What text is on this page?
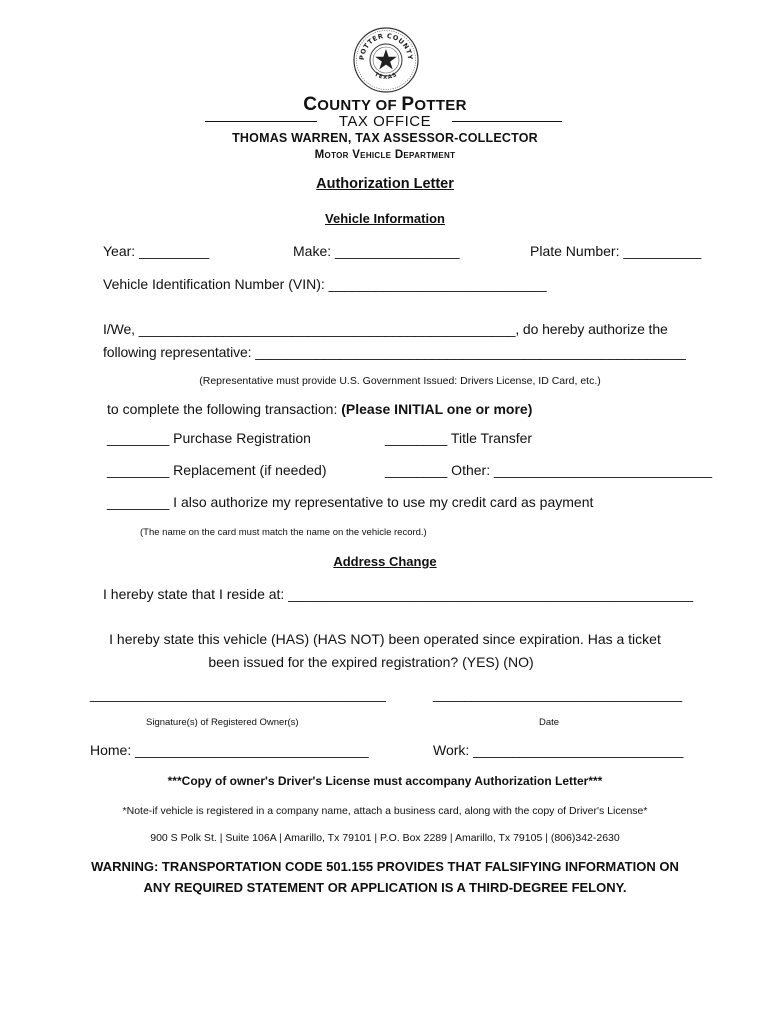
POTTER COUNTY
TEXAS
COUNTY OF POTTER
TAX OFFICE
THOMAS WARREN, TAX ASSESSOR-COLLECTOR
Motor Vehicle Department
Authorization Letter
Vehicle Information
Year: _________	Make: ________________	Plate Number: __________
Vehicle Identification Number (VIN): ____________________________
I/We, _________________________________________________, do hereby authorize the
following representative: ________________________________________________________
(Representative must provide U.S. Government Issued: Drivers License, ID Card, etc.)
to complete the following transaction: (Please INITIAL one or more)
________ Purchase Registration	________ Title Transfer
________ Replacement (if needed)	________ Other: ____________________________
________ I also authorize my representative to use my credit card as payment
(The name on the card must match the name on the vehicle record.)
Address Change
I hereby state that I reside at: ____________________________________________________
I hereby state this vehicle (HAS) (HAS NOT) been operated since expiration. Has a ticket
been issued for the expired registration? (YES) (NO)
______________________________________	________________________________
Signature(s) of Registered Owner(s)	Date
Home: ______________________________	Work: ___________________________
***Copy of owner's Driver's License must accompany Authorization Letter***
*Note-if vehicle is registered in a company name, attach a business card, along with the copy of Driver's License*
900 S Polk St. | Suite 106A | Amarillo, Tx 79101 | P.O. Box 2289 | Amarillo, Tx 79105 | (806)342-2630
WARNING: TRANSPORTATION CODE 501.155 PROVIDES THAT FALSIFYING INFORMATION ON
ANY REQUIRED STATEMENT OR APPLICATION IS A THIRD-DEGREE FELONY.
